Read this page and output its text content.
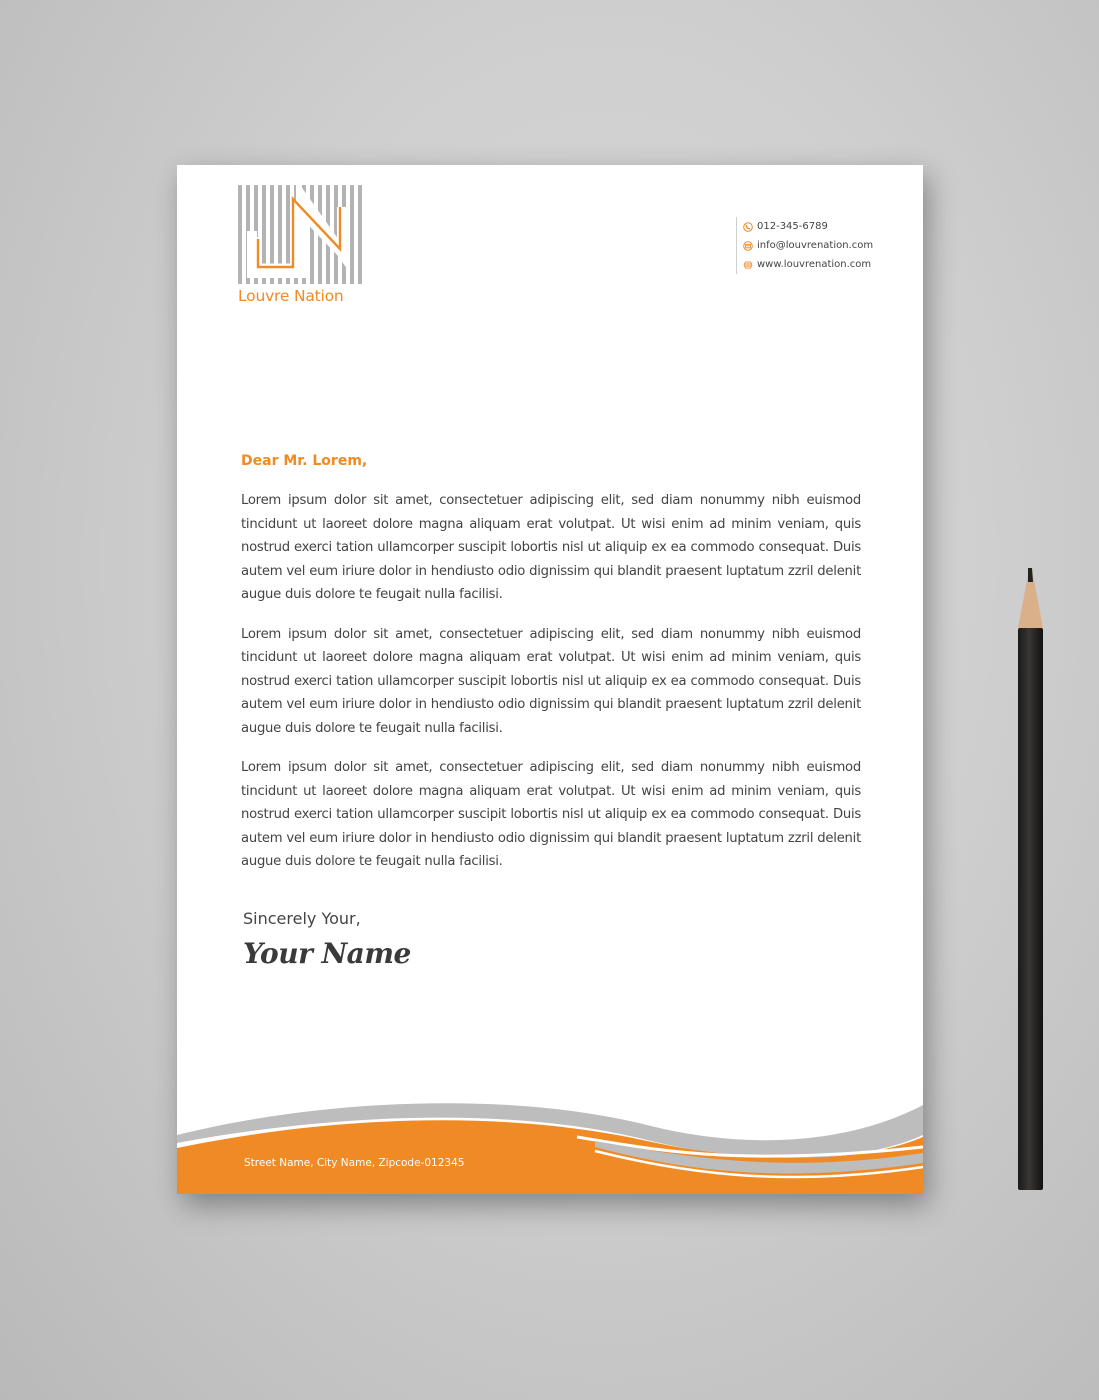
Louvre Nation
012-345-6789
info@louvrenation.com
www.louvrenation.com

Dear Mr. Lorem,

Lorem ipsum dolor sit amet, consectetuer adipiscing elit, sed diam nonummy nibh euismod tincidunt ut laoreet dolore magna aliquam erat volutpat. Ut wisi enim ad minim veniam, quis nostrud exerci tation ullamcorper suscipit lobortis nisl ut aliquip ex ea commodo consequat. Duis autem vel eum iriure dolor in hendiusto odio dignissim qui blandit praesent luptatum zzril delenit augue duis dolore te feugait nulla facilisi.

Lorem ipsum dolor sit amet, consectetuer adipiscing elit, sed diam nonummy nibh euismod tincidunt ut laoreet dolore magna aliquam erat volutpat. Ut wisi enim ad minim veniam, quis nostrud exerci tation ullamcorper suscipit lobortis nisl ut aliquip ex ea commodo consequat. Duis autem vel eum iriure dolor in hendiusto odio dignissim qui blandit praesent luptatum zzril delenit augue duis dolore te feugait nulla facilisi.

Lorem ipsum dolor sit amet, consectetuer adipiscing elit, sed diam nonummy nibh euismod tincidunt ut laoreet dolore magna aliquam erat volutpat. Ut wisi enim ad minim veniam, quis nostrud exerci tation ullamcorper suscipit lobortis nisl ut aliquip ex ea commodo consequat. Duis autem vel eum iriure dolor in hendiusto odio dignissim qui blandit praesent luptatum zzril delenit augue duis dolore te feugait nulla facilisi.

Sincerely Your,
Your Name
Street Name, City Name, Zipcode-012345
